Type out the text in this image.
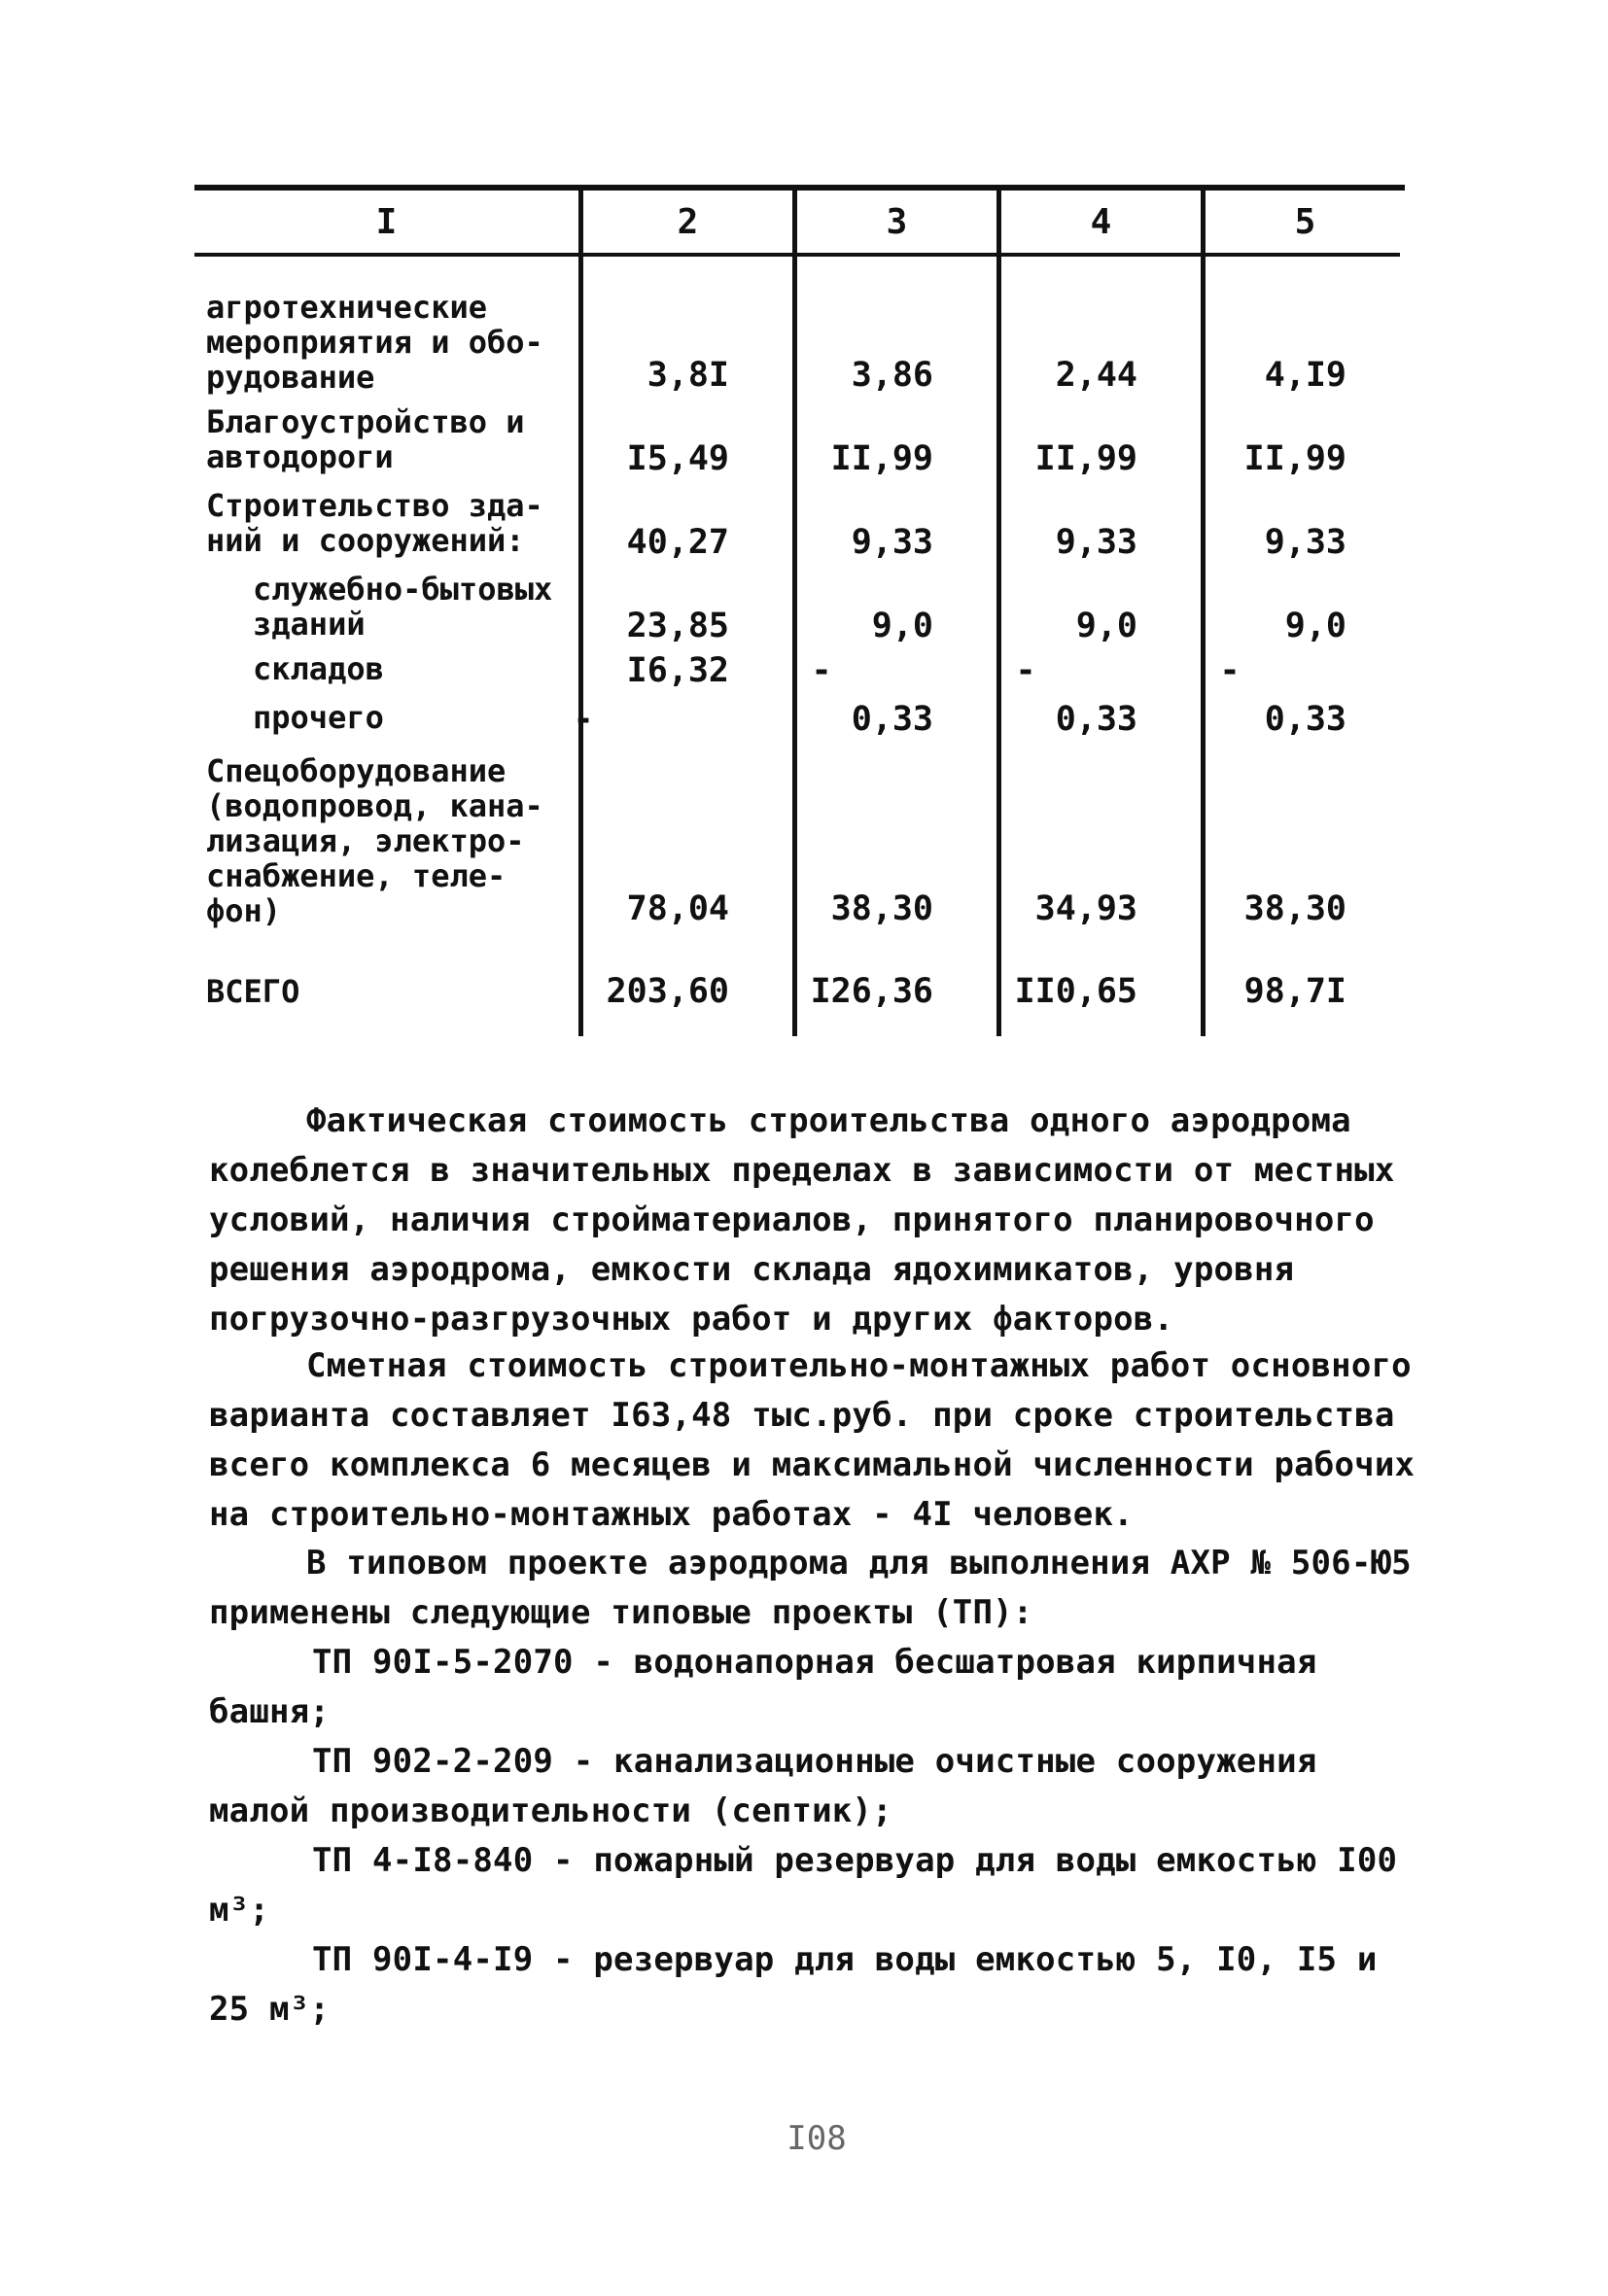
I	2	3	4	5
агротехнические
мероприятия и обо-
рудование	3,8I	3,86	2,44	4,I9
Благоустройство и
автодороги	I5,49	II,99	II,99	II,99
Строительство зда-
ний и сооружений:	40,27	9,33	9,33	9,33
служебно-бытовых
зданий	23,85	9,0	9,0	9,0
складов	I6,32	-	-	-
прочего	-	0,33	0,33	0,33
Спецоборудование
(водопровод, кана-
лизация, электро-
снабжение, теле-
фон)	78,04	38,30	34,93	38,30
ВСЕГО	203,60	I26,36	II0,65	98,7I
Фактическая стоимость строительства одного аэродрома колеблется в значительных пределах в зависимости от местных условий, наличия стройматериалов, принятого планировочного решения аэродрома, емкости склада ядохимикатов, уровня погрузочно-разгрузочных работ и других факторов.
Сметная стоимость строительно-монтажных работ основного варианта составляет I63,48 тыс.руб. при сроке строительства всего комплекса 6 месяцев и максимальной численности рабочих на строительно-монтажных работах - 4I человек.
В типовом проекте аэродрома для выполнения АХР № 506-Ю5 применены следующие типовые проекты (ТП):
ТП 90I-5-2070 - водонапорная бесшатровая кирпичная башня;
ТП 902-2-209 - канализационные очистные сооружения малой производительности (септик);
ТП 4-I8-840 - пожарный резервуар для воды емкостью I00 м³;
ТП 90I-4-I9 - резервуар для воды емкостью 5, I0, I5 и 25 м³;
I08
